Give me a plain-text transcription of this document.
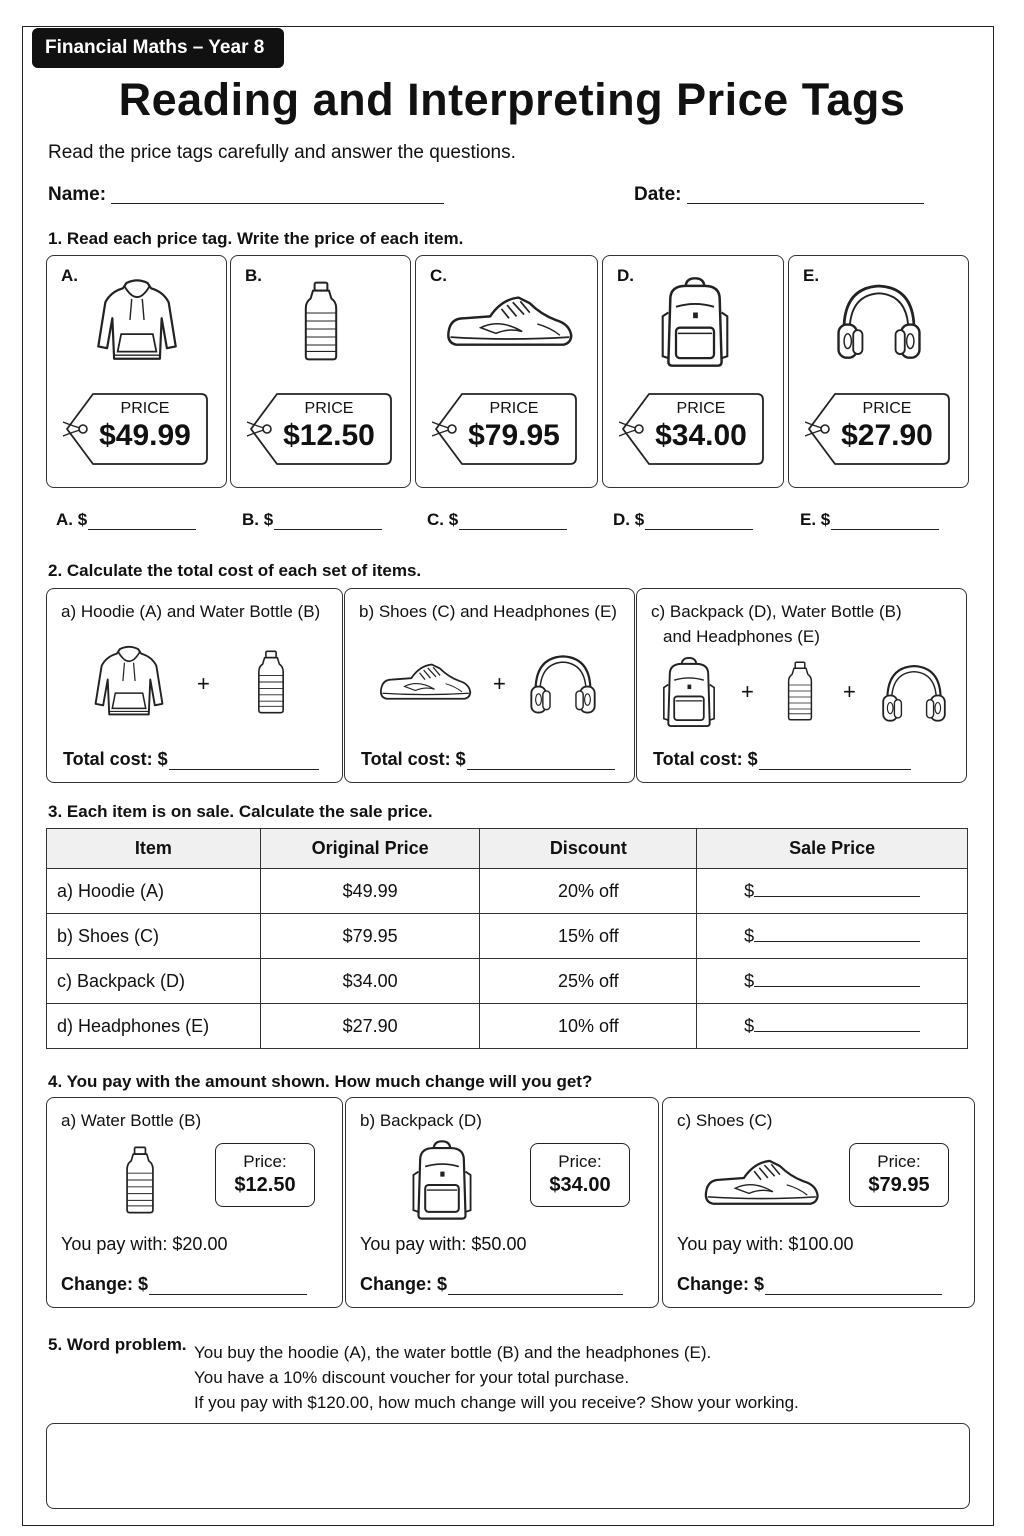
Financial Maths – Year 8
Reading and Interpreting Price Tags
Read the price tags carefully and answer the questions.
Name:	Date:
1. Read each price tag. Write the price of each item.
A.
PRICE
$49.99
B.
PRICE
$12.50
C.
PRICE
$79.95
D.
PRICE
$34.00
E.
PRICE
$27.90
A. $	B. $	C. $	D. $	E. $
2. Calculate the total cost of each set of items.
a) Hoodie (A) and Water Bottle (B)
+
Total cost: $
b) Shoes (C) and Headphones (E)
+
Total cost: $
c) Backpack (D), Water Bottle (B)
and Headphones (E)
+	+
Total cost: $
3. Each item is on sale. Calculate the sale price.
Item	Original Price	Discount	Sale Price
a) Hoodie (A)	$49.99	20% off	$
b) Shoes (C)	$79.95	15% off	$
c) Backpack (D)	$34.00	25% off	$
d) Headphones (E)	$27.90	10% off	$
4. You pay with the amount shown. How much change will you get?
a) Water Bottle (B)
Price:
$12.50
You pay with: $20.00
Change: $
b) Backpack (D)
Price:
$34.00
You pay with: $50.00
Change: $
c) Shoes (C)
Price:
$79.95
You pay with: $100.00
Change: $
5. Word problem. You buy the hoodie (A), the water bottle (B) and the headphones (E).
You have a 10% discount voucher for your total purchase.
If you pay with $120.00, how much change will you receive? Show your working.
